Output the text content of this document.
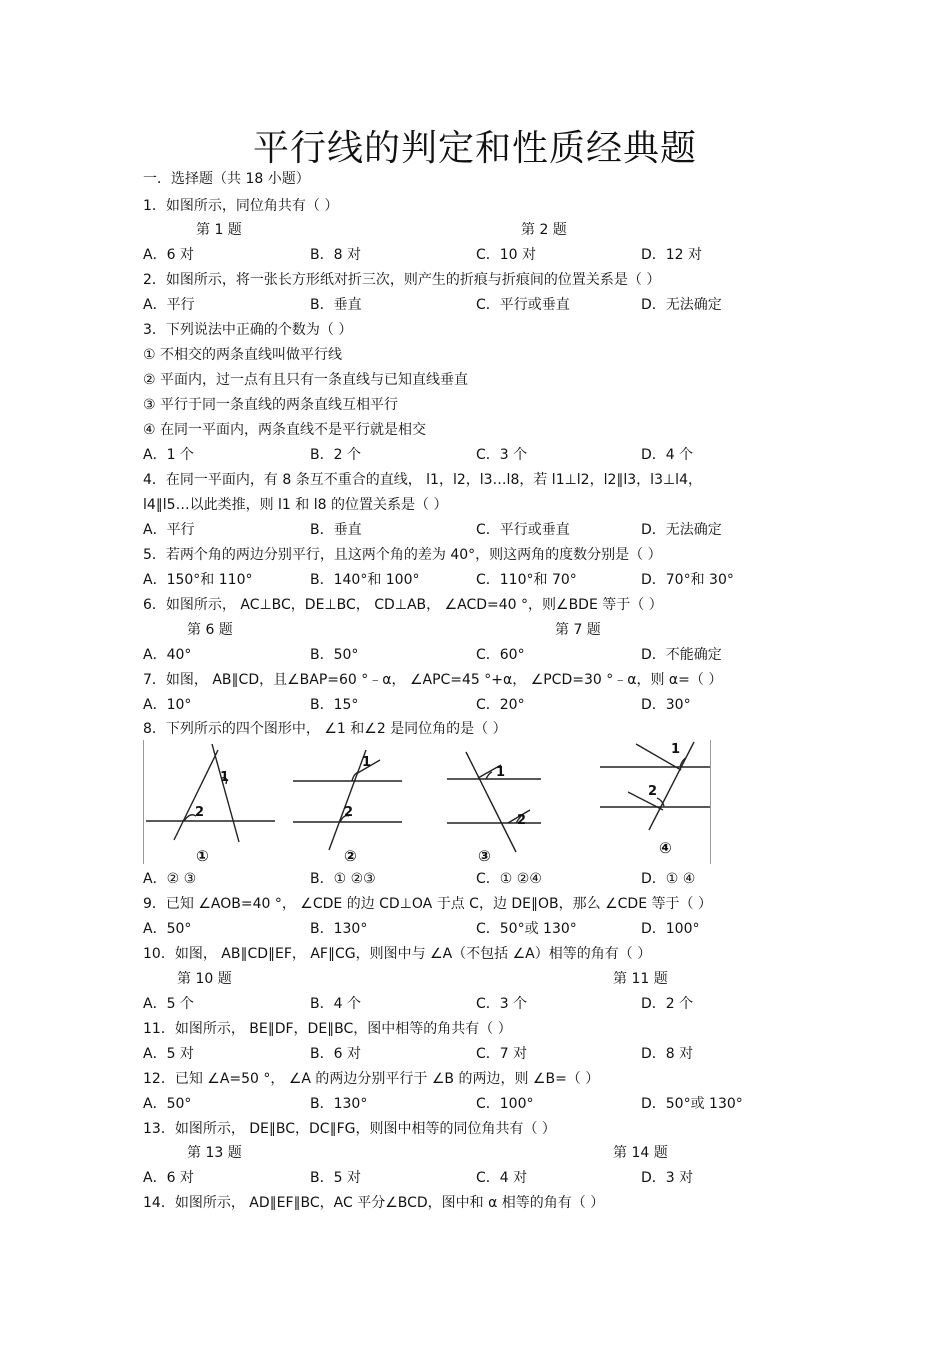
平行线的判定和性质经典题
一．选择题（共 18 小题）
1．如图所示，同位角共有（ ）
第 1 题	第 2 题
A．6 对	B．8 对	C．10 对	D．12 对
2．如图所示，将一张长方形纸对折三次，则产生的折痕与折痕间的位置关系是（ ）
A．平行	B．垂直	C．平行或垂直	D．无法确定
3．下列说法中正确的个数为（ ）
① 不相交的两条直线叫做平行线
② 平面内，过一点有且只有一条直线与已知直线垂直
③ 平行于同一条直线的两条直线互相平行
④ 在同一平面内，两条直线不是平行就是相交
A．1 个	B．2 个	C．3 个	D．4 个
4．在同一平面内，有 8 条互不重合的直线， l1，l2，l3…l8，若 l1⊥l2，l2∥l3，l3⊥l4，
l4∥l5…以此类推，则 l1 和 l8 的位置关系是（ ）
A．平行	B．垂直	C．平行或垂直	D．无法确定
5．若两个角的两边分别平行，且这两个角的差为 40°，则这两角的度数分别是（ ）
A．150°和 110°	B．140°和 100°	C．110°和 70°	D．70°和 30°
6．如图所示， AC⊥BC，DE⊥BC， CD⊥AB， ∠ACD=40 °，则∠BDE 等于（ ）
第 6 题	第 7 题
A．40°	B．50°	C．60°	D．不能确定
7．如图， AB∥CD，且∠BAP=60 °﹣α， ∠APC=45 °+α， ∠PCD=30 °﹣α，则 α=（ ）
A．10°	B．15°	C．20°	D．30°
8．下列所示的四个图形中， ∠1 和∠2 是同位角的是（ ）
1
2
1
2
1
2
1
2
①	②	③	④
A．② ③	B．① ②③	C．① ②④	D．① ④
9．已知 ∠AOB=40 °， ∠CDE 的边 CD⊥OA 于点 C，边 DE∥OB，那么 ∠CDE 等于（ ）
A．50°	B．130°	C．50°或 130°	D．100°
10．如图， AB∥CD∥EF， AF∥CG，则图中与 ∠A（不包括 ∠A）相等的角有（ ）
第 10 题	第 11 题
A．5 个	B．4 个	C．3 个	D．2 个
11．如图所示， BE∥DF，DE∥BC，图中相等的角共有（ ）
A．5 对	B．6 对	C．7 对	D．8 对
12．已知 ∠A=50 °， ∠A 的两边分别平行于 ∠B 的两边，则 ∠B=（ ）
A．50°	B．130°	C．100°	D．50°或 130°
13．如图所示， DE∥BC，DC∥FG，则图中相等的同位角共有（ ）
第 13 题	第 14 题
A．6 对	B．5 对	C．4 对	D．3 对
14．如图所示， AD∥EF∥BC，AC 平分∠BCD，图中和 α 相等的角有（ ）
